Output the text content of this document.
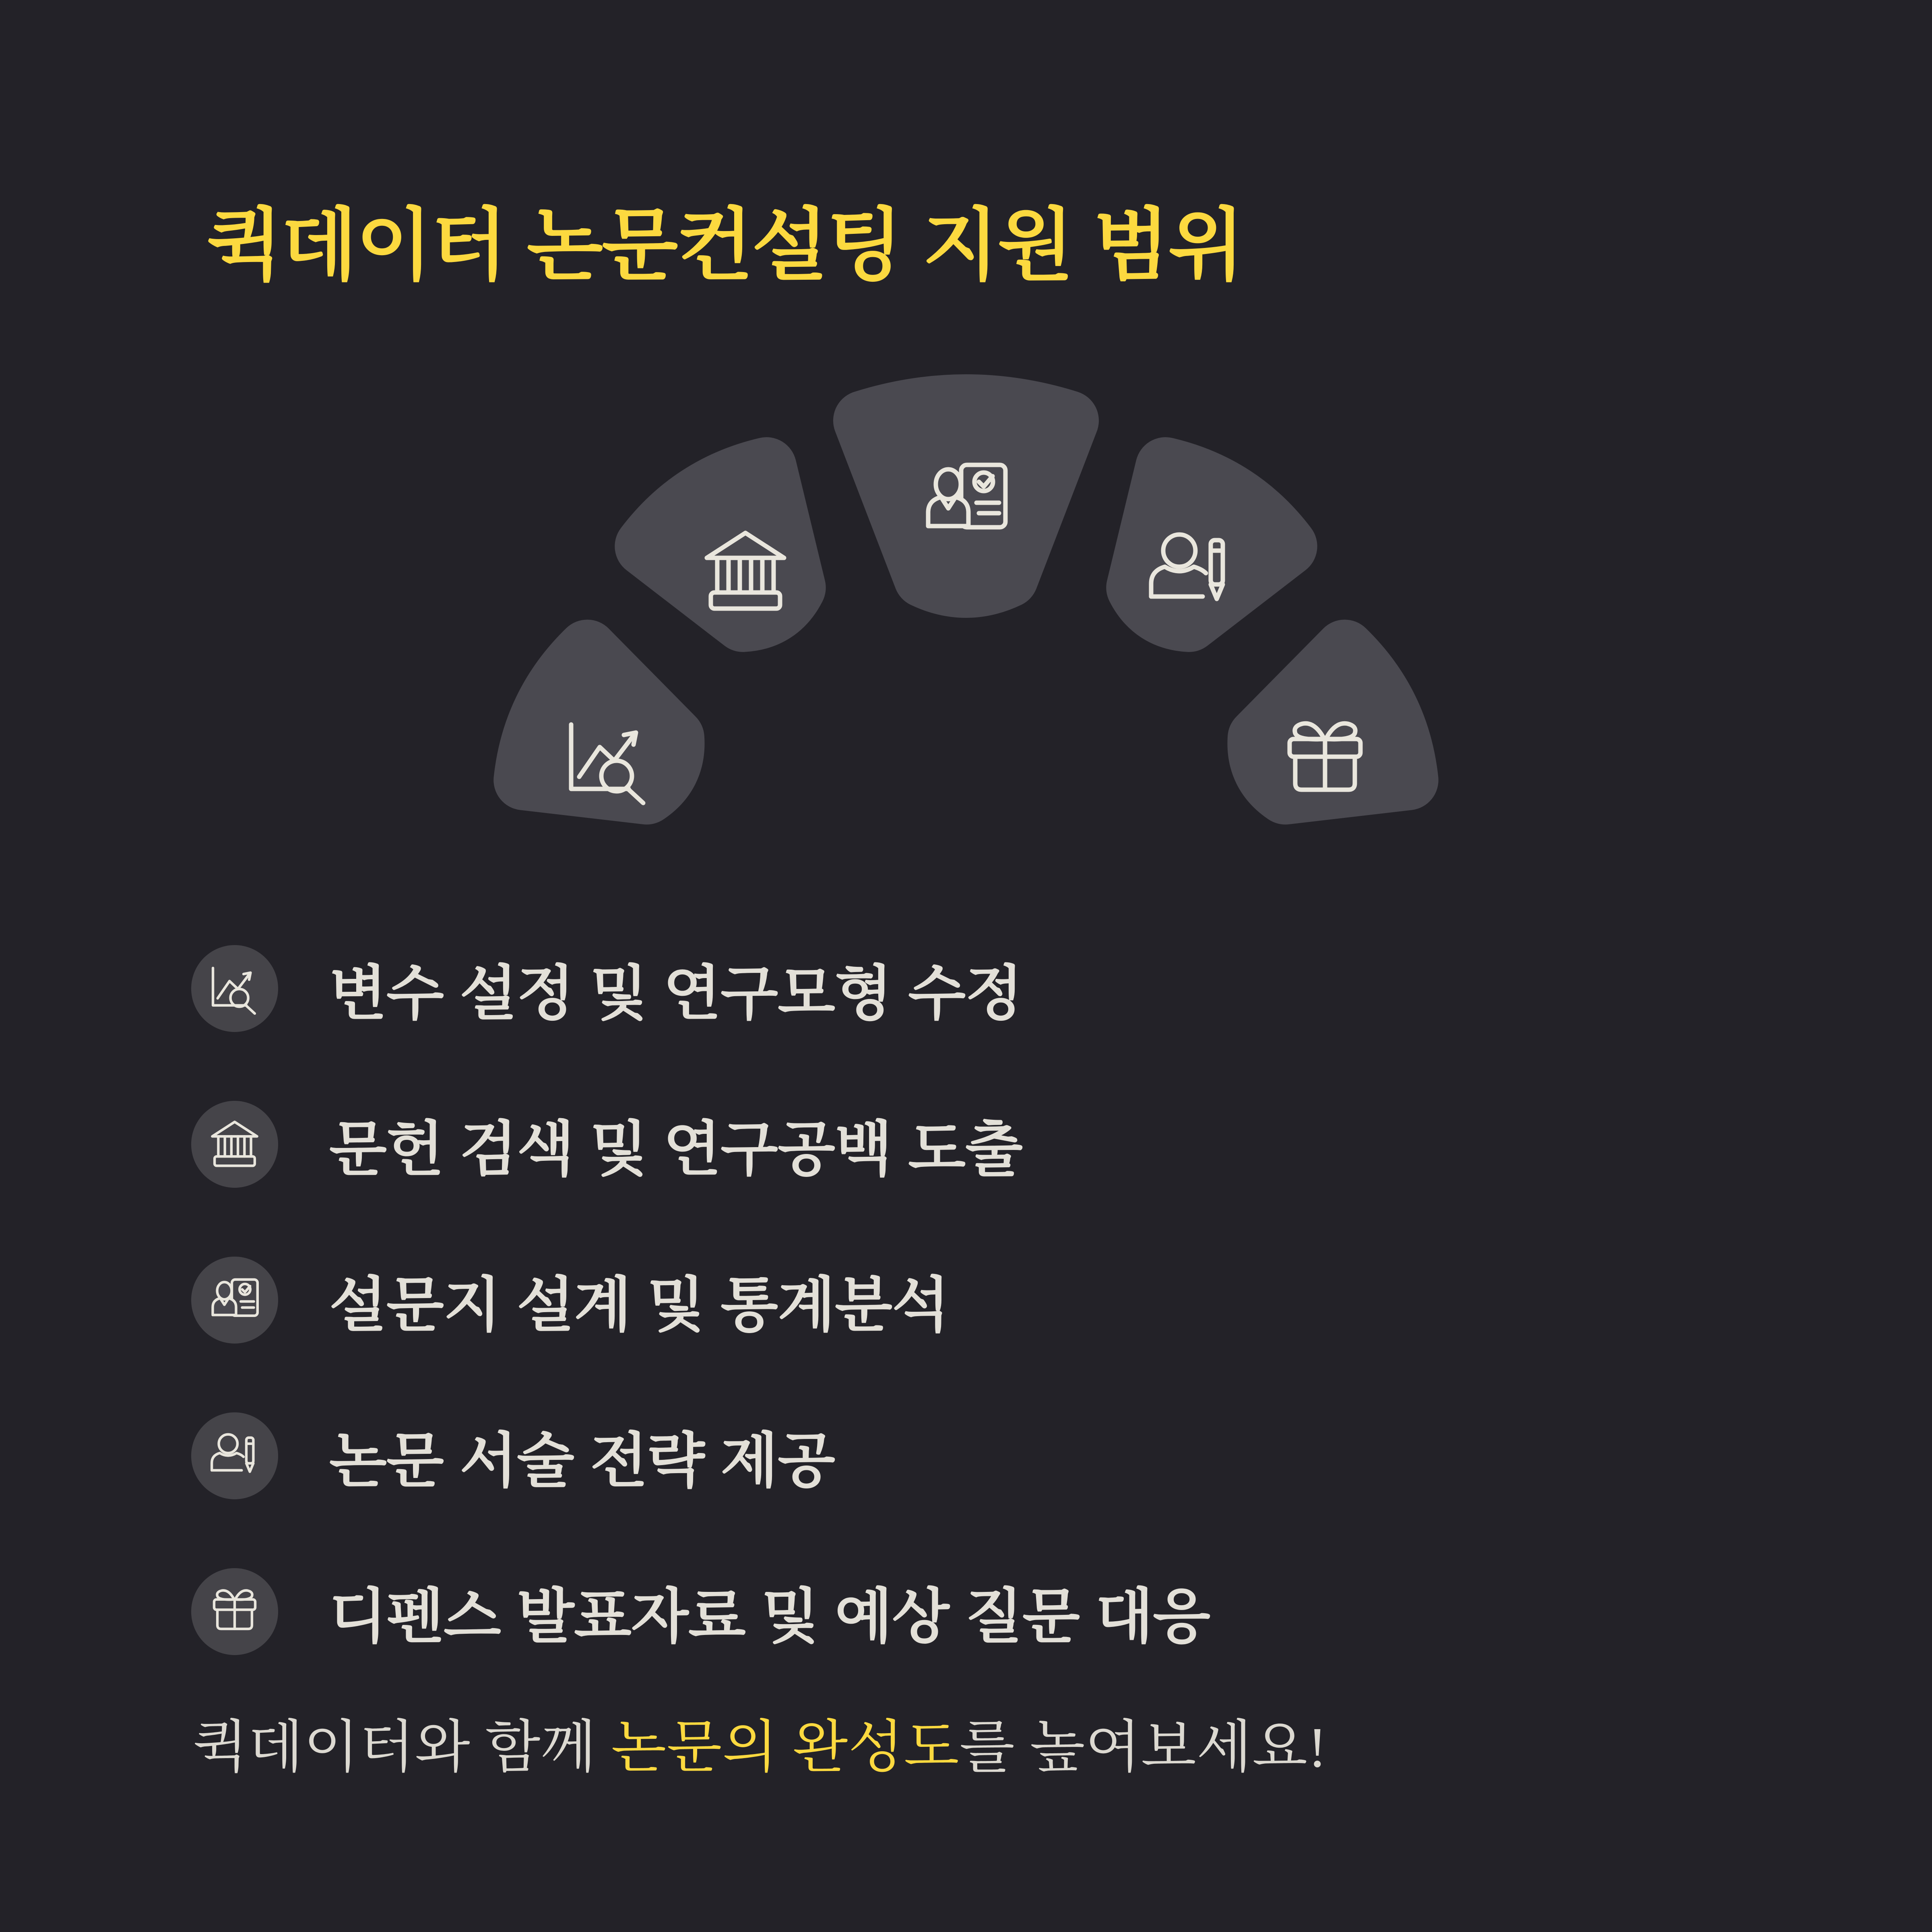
퀵데이터 논문컨설팅 지원 범위
변수 설정 및 연구모형 수정
문헌 검색 및 연구공백 도출
설문지 설계 및 통계분석
논문 서술 전략 제공
디펜스 발표자료 및 예상 질문 대응
퀵데이터와 함께 논문의 완성도를 높여보세요!
